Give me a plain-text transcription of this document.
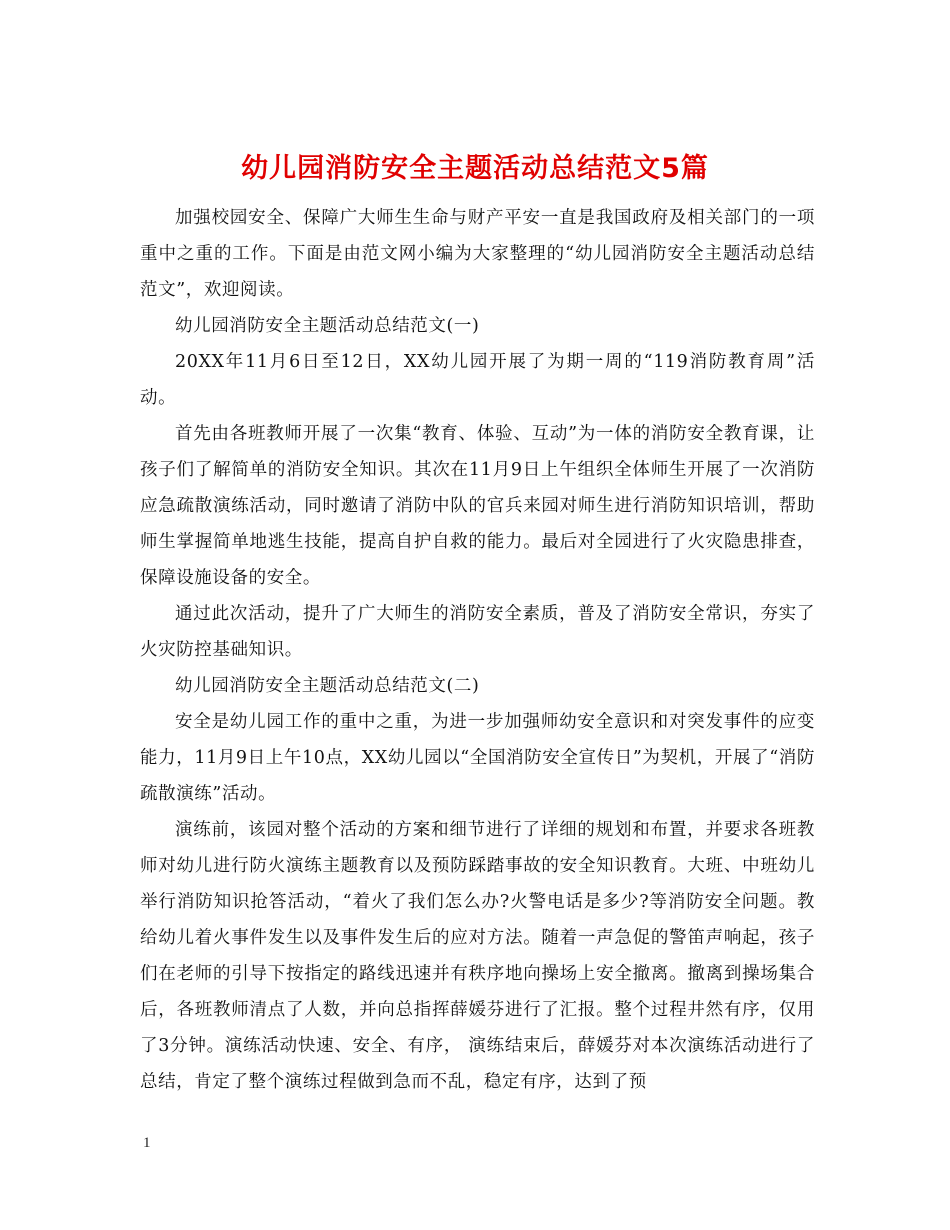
幼儿园消防安全主题活动总结范文5篇

加强校园安全、保障广大师生生命与财产平安一直是我国政府及相关部门的一项重中之重的工作。下面是由范文网小编为大家整理的“幼儿园消防安全主题活动总结范文”，欢迎阅读。

幼儿园消防安全主题活动总结范文(一)

20XX年11月6日至12日，XX幼儿园开展了为期一周的“119消防教育周”活动。

首先由各班教师开展了一次集“教育、体验、互动”为一体的消防安全教育课，让孩子们了解简单的消防安全知识。其次在11月9日上午组织全体师生开展了一次消防应急疏散演练活动，同时邀请了消防中队的官兵来园对师生进行消防知识培训，帮助师生掌握简单地逃生技能，提高自护自救的能力。最后对全园进行了火灾隐患排查，保障设施设备的安全。

通过此次活动，提升了广大师生的消防安全素质，普及了消防安全常识，夯实了火灾防控基础知识。

幼儿园消防安全主题活动总结范文(二)

安全是幼儿园工作的重中之重，为进一步加强师幼安全意识和对突发事件的应变能力，11月9日上午10点，XX幼儿园以“全国消防安全宣传日”为契机，开展了“消防疏散演练”活动。

演练前，该园对整个活动的方案和细节进行了详细的规划和布置，并要求各班教师对幼儿进行防火演练主题教育以及预防踩踏事故的安全知识教育。大班、中班幼儿举行消防知识抢答活动，“着火了我们怎么办?火警电话是多少?等消防安全问题。教给幼儿着火事件发生以及事件发生后的应对方法。随着一声急促的警笛声响起，孩子们在老师的引导下按指定的路线迅速并有秩序地向操场上安全撤离。撤离到操场集合后，各班教师清点了人数，并向总指挥薛媛芬进行了汇报。整个过程井然有序，仅用了3分钟。演练活动快速、安全、有序， 演练结束后，薛媛芬对本次演练活动进行了总结，肯定了整个演练过程做到急而不乱，稳定有序，达到了预

1
